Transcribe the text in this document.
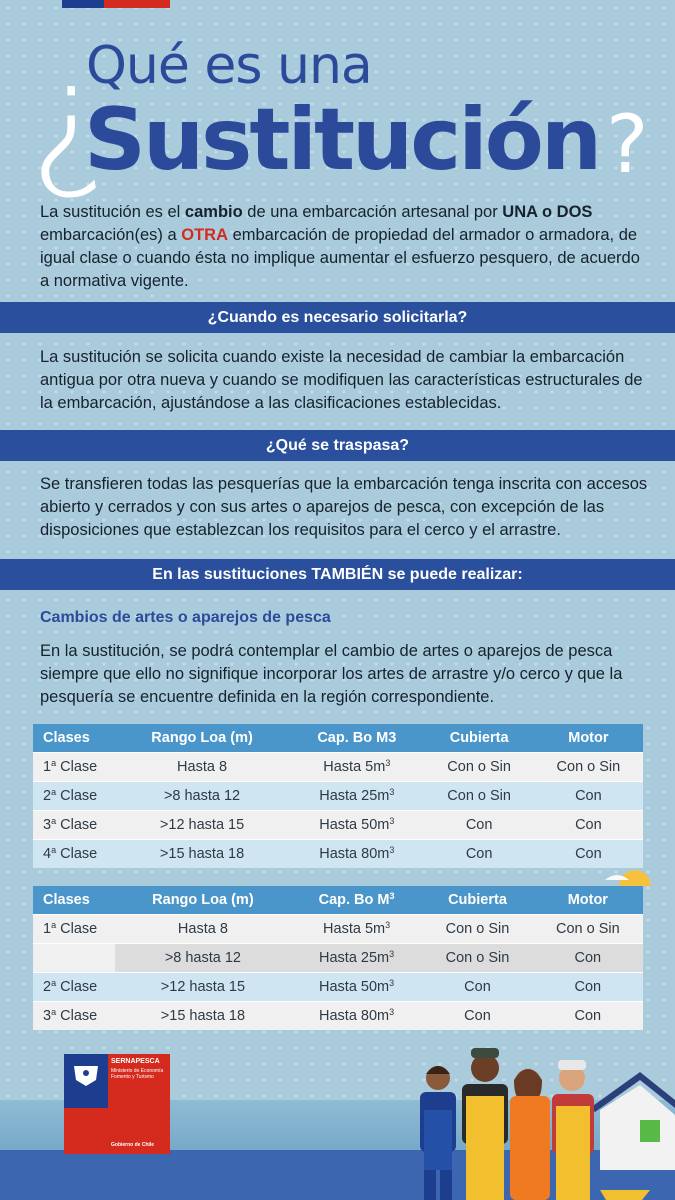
¿
Qué es una
Sustitución ?

La sustitución es el cambio de una embarcación artesanal por UNA o DOS embarcación(es) a OTRA embarcación de propiedad del armador o armadora, de igual clase o cuando ésta no implique aumentar el esfuerzo pesquero, de acuerdo a normativa vigente.

¿Cuando es necesario solicitarla?

La sustitución se solicita cuando existe la necesidad de cambiar la embarcación antigua por otra nueva y cuando se modifiquen las características estructurales de la embarcación, ajustándose a las clasificaciones establecidas.

¿Qué se traspasa?

Se transfieren todas las pesquerías que la embarcación tenga inscrita con accesos abierto y cerrados y con sus artes o aparejos de pesca, con excepción de las disposiciones que establezcan los requisitos para el cerco y el arrastre.

En las sustituciones TAMBIÉN se puede realizar:
Cambios de artes o aparejos de pesca

En la sustitución, se podrá contemplar el cambio de artes o aparejos de pesca siempre que ello no signifique incorporar los artes de arrastre y/o cerco y que la pesquería se encuentre definida en la región correspondiente.

Clases	Rango Loa (m)	Cap. Bo M3	Cubierta	Motor
1$^a$ Clase	Hasta 8	Hasta $5m^3$	Con o Sin	Con o Sin
2$^a$ Clase	>8 hasta 12	Hasta $25m^3$	Con o Sin	Con
3$^a$ Clase	>12 hasta 15	Hasta $50m^3$	Con	Con
4$^a$ Clase	>15 hasta 18	Hasta $80m^3$	Con	Con
Clases	Rango Loa (m)	Cap. Bo $M^3$	Cubierta	Motor
1$^a$ Clase	Hasta 8	Hasta $5m^3$	Con o Sin	Con o Sin
	>8 hasta 12	Hasta $25m^3$	Con o Sin	Con
2$^a$ Clase	>12 hasta 15	Hasta $50m^3$	Con	Con
3$^a$ Clase	>15 hasta 18	Hasta $80m^3$	Con	Con
SERNAPESCA
Ministerio de Economía Fomento y Turismo
Gobierno de Chile
